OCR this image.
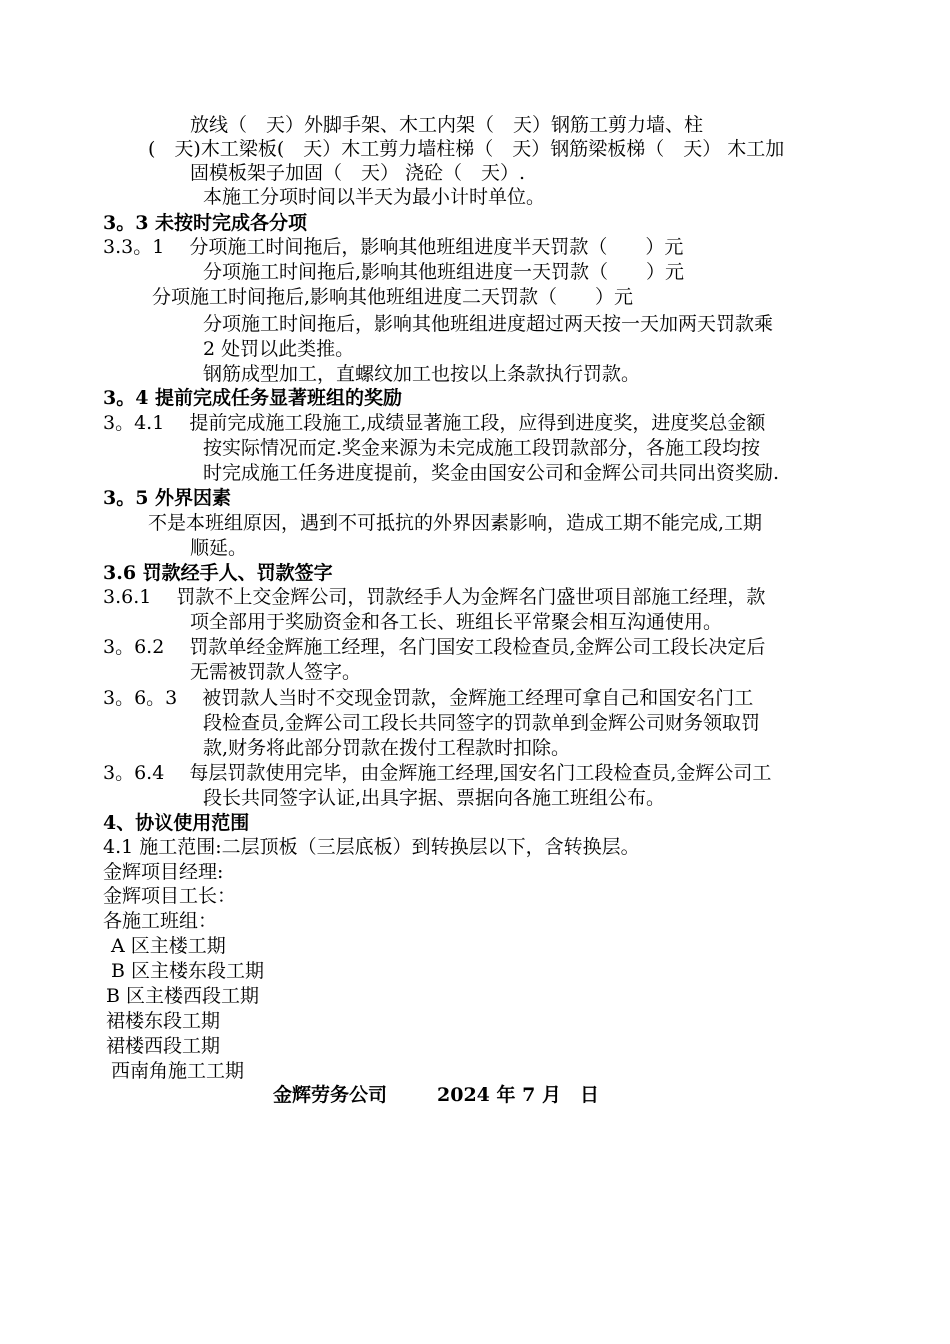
放线（　天）外脚手架、木工内架（　天）钢筋工剪力墙、柱
(　天)木工梁板(　天）木工剪力墙柱梯（　天）钢筋梁板梯（　天） 木工加
固模板架子加固（　天） 浇砼（　天）.
本施工分项时间以半天为最小计时单位。
3。3 未按时完成各分项
3.3。1　 分项施工时间拖后，影响其他班组进度半天罚款（　　）元
分项施工时间拖后,影响其他班组进度一天罚款（　　）元
分项施工时间拖后,影响其他班组进度二天罚款（　　）元
分项施工时间拖后，影响其他班组进度超过两天按一天加两天罚款乘
2 处罚以此类推。
钢筋成型加工，直螺纹加工也按以上条款执行罚款。
3。4 提前完成任务显著班组的奖励
3。4.1　 提前完成施工段施工,成绩显著施工段，应得到进度奖，进度奖总金额
按实际情况而定.奖金来源为未完成施工段罚款部分，各施工段均按
时完成施工任务进度提前，奖金由国安公司和金辉公司共同出资奖励.
3。5 外界因素
不是本班组原因，遇到不可抵抗的外界因素影响，造成工期不能完成,工期
顺延。
3.6 罚款经手人、罚款签字
3.6.1　 罚款不上交金辉公司，罚款经手人为金辉名门盛世项目部施工经理，款
项全部用于奖励资金和各工长、班组长平常聚会相互沟通使用。
3。6.2　 罚款单经金辉施工经理，名门国安工段检查员,金辉公司工段长决定后
无需被罚款人签字。
3。6。3　 被罚款人当时不交现金罚款，金辉施工经理可拿自己和国安名门工
段检查员,金辉公司工段长共同签字的罚款单到金辉公司财务领取罚
款,财务将此部分罚款在拨付工程款时扣除。
3。6.4　 每层罚款使用完毕，由金辉施工经理,国安名门工段检查员,金辉公司工
段长共同签字认证,出具字据、票据向各施工班组公布。
4、协议使用范围
4.1 施工范围:二层顶板（三层底板）到转换层以下，含转换层。
金辉项目经理:
金辉项目工长：
各施工班组：
A 区主楼工期
B 区主楼东段工期
B 区主楼西段工期
裙楼东段工期
裙楼西段工期
西南角施工工期
金辉劳务公司	2024 年 7 月　日
